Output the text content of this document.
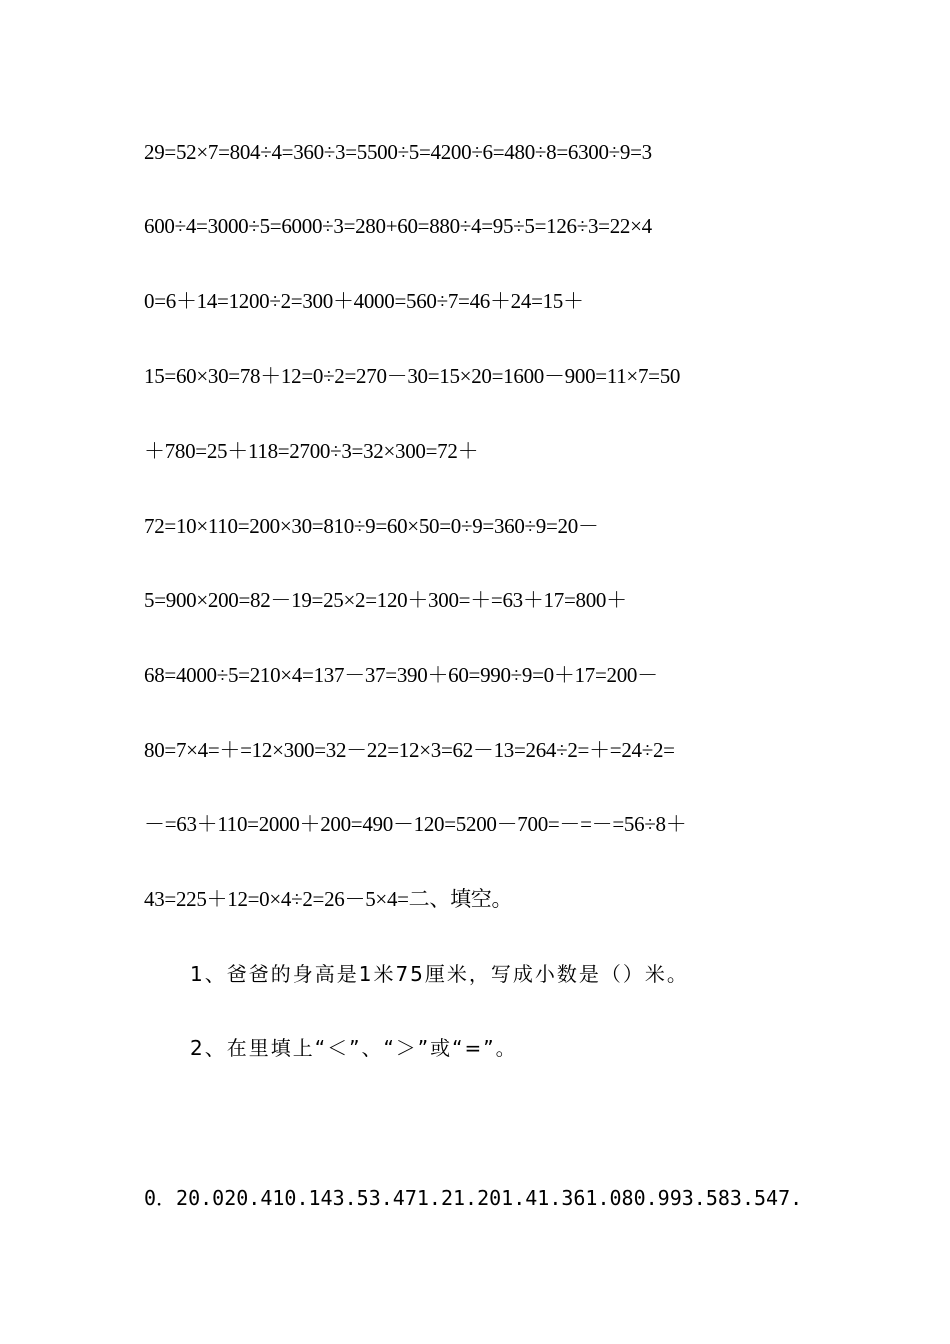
29=52×7=804÷4=360÷3=5500÷5=4200÷6=480÷8=6300÷9=3
600÷4=3000÷5=6000÷3=280+60=880÷4=95÷5=126÷3=22×4
0=6＋14=1200÷2=300＋4000=560÷7=46＋24=15＋
15=60×30=78＋12=0÷2=270－30=15×20=1600－900=11×7=50
＋780=25＋118=2700÷3=32×300=72＋
72=10×110=200×30=810÷9=60×50=0÷9=360÷9=20－
5=900×200=82－19=25×2=120＋300=＋=63＋17=800＋
68=4000÷5=210×4=137－37=390＋60=990÷9=0＋17=200－
80=7×4=＋=12×300=32－22=12×3=62－13=264÷2=＋=24÷2=
－=63＋110=2000＋200=490－120=5200－700=－=－=56÷8＋
43=225＋12=0×4÷2=26－5×4=二、填空。
1、爸爸的身高是1米75厘米，写成小数是（）米。
2、在里填上“＜”、“＞”或“=”。
0．20.020.410.143.53.471.21.201.41.361.080.993.583.547.
